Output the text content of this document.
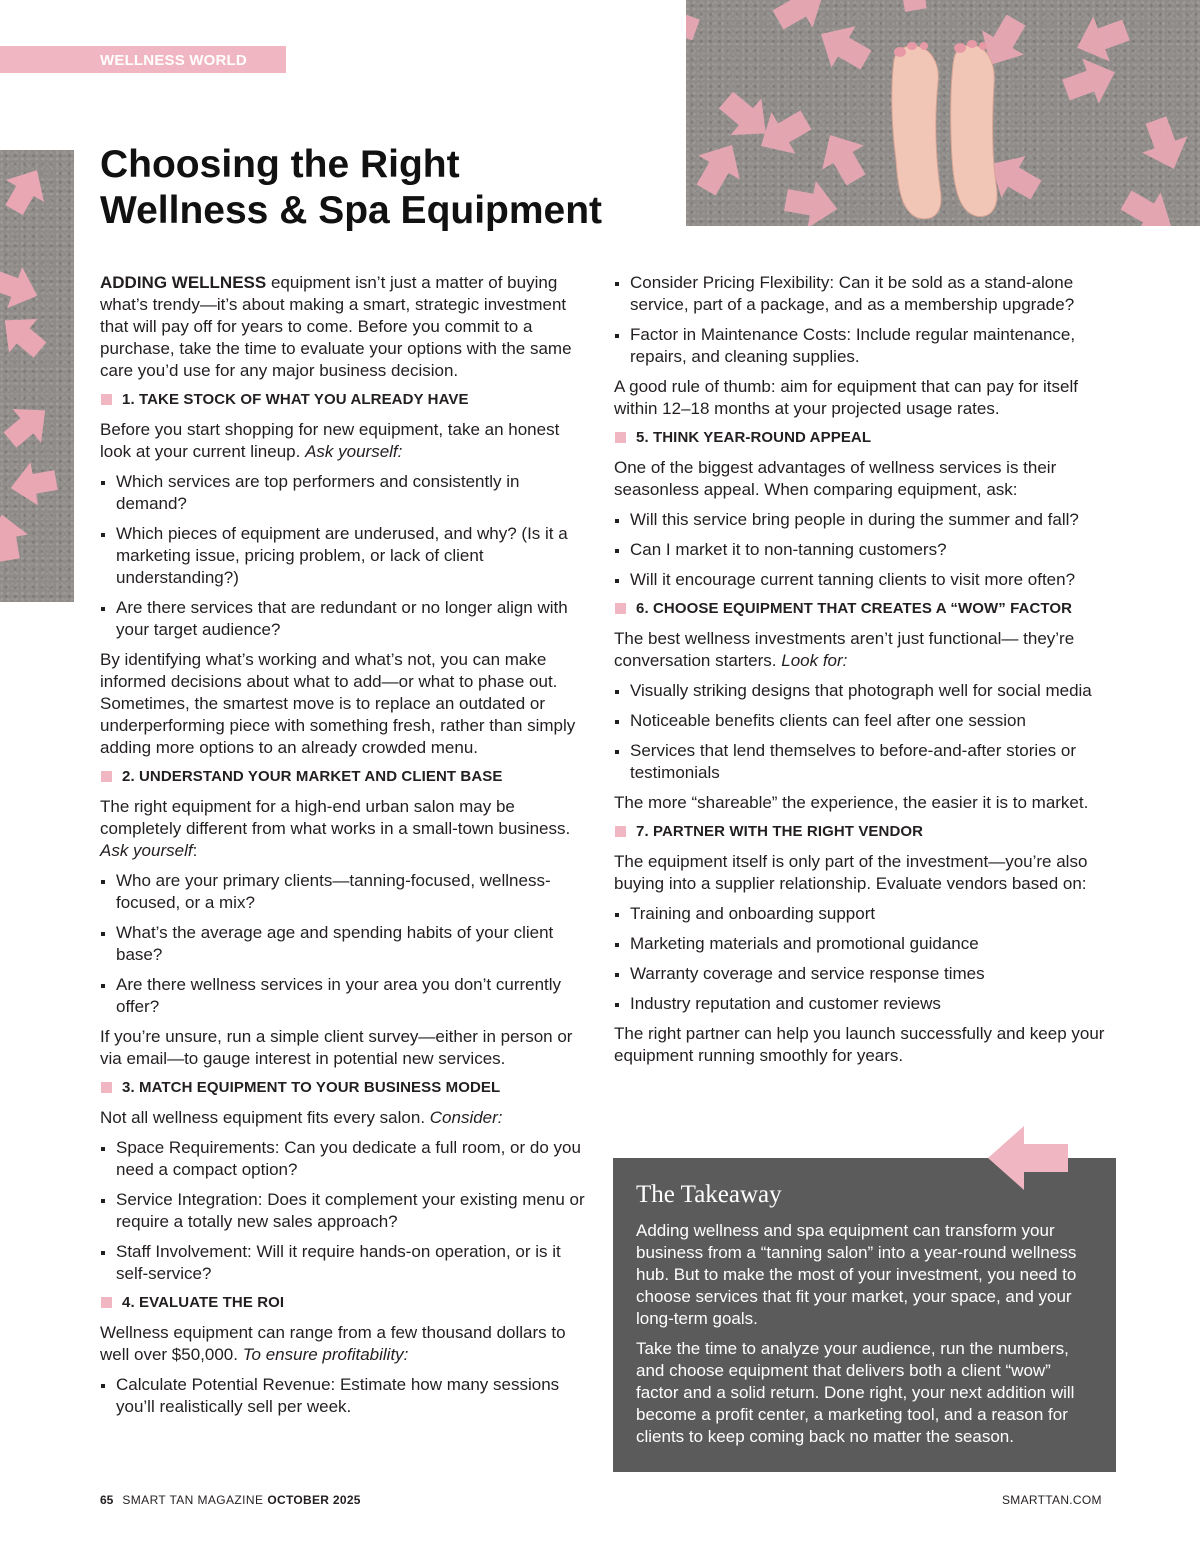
WELLNESS WORLD
Choosing the Right
Wellness & Spa Equipment

ADDING WELLNESS equipment isn’t just a matter of buying what’s trendy—it’s about making a smart, strategic investment that will pay off for years to come. Before you commit to a purchase, take the time to evaluate your options with the same care you’d use for any major business decision.

1. TAKE STOCK OF WHAT YOU ALREADY HAVE

Before you start shopping for new equipment, take an honest look at your current lineup. Ask yourself:

Which services are top performers and consistently in demand?
Which pieces of equipment are underused, and why? (Is it a marketing issue, pricing problem, or lack of client understanding?)
Are there services that are redundant or no longer align with your target audience?

By identifying what’s working and what’s not, you can make informed decisions about what to add—or what to phase out. Sometimes, the smartest move is to replace an outdated or underperforming piece with something fresh, rather than simply adding more options to an already crowded menu.

2. UNDERSTAND YOUR MARKET AND CLIENT BASE

The right equipment for a high-end urban salon may be completely different from what works in a small-town business. Ask yourself:

Who are your primary clients—tanning-focused, wellness-focused, or a mix?
What’s the average age and spending habits of your client base?
Are there wellness services in your area you don’t currently offer?

If you’re unsure, run a simple client survey—either in person or via email—to gauge interest in potential new services.

3. MATCH EQUIPMENT TO YOUR BUSINESS MODEL

Not all wellness equipment fits every salon. Consider:

Space Requirements: Can you dedicate a full room, or do you need a compact option?
Service Integration: Does it complement your existing menu or require a totally new sales approach?
Staff Involvement: Will it require hands-on operation, or is it self-service?
4. EVALUATE THE ROI

Wellness equipment can range from a few thousand dollars to well over $50,000. To ensure profitability:

Calculate Potential Revenue: Estimate how many sessions you’ll realistically sell per week.
Consider Pricing Flexibility: Can it be sold as a stand-alone service, part of a package, and as a membership upgrade?
Factor in Maintenance Costs: Include regular maintenance, repairs, and cleaning supplies.

A good rule of thumb: aim for equipment that can pay for itself within 12–18 months at your projected usage rates.

5. THINK YEAR-ROUND APPEAL

One of the biggest advantages of wellness services is their seasonless appeal. When comparing equipment, ask:

Will this service bring people in during the summer and fall?
Can I market it to non-tanning customers?
Will it encourage current tanning clients to visit more often?
6. CHOOSE EQUIPMENT THAT CREATES A “WOW” FACTOR

The best wellness investments aren’t just functional— they’re conversation starters. Look for:

Visually striking designs that photograph well for social media
Noticeable benefits clients can feel after one session
Services that lend themselves to before-and-after stories or testimonials

The more “shareable” the experience, the easier it is to market.

7. PARTNER WITH THE RIGHT VENDOR

The equipment itself is only part of the investment—you’re also buying into a supplier relationship. Evaluate vendors based on:

Training and onboarding support
Marketing materials and promotional guidance
Warranty coverage and service response times
Industry reputation and customer reviews

The right partner can help you launch successfully and keep your equipment running smoothly for years.

The Takeaway

Adding wellness and spa equipment can transform your business from a “tanning salon” into a year-round wellness hub. But to make the most of your investment, you need to choose services that fit your market, your space, and your long-term goals.

Take the time to analyze your audience, run the numbers, and choose equipment that delivers both a client “wow” factor and a solid return. Done right, your next addition will become a profit center, a marketing tool, and a reason for clients to keep coming back no matter the season.

65 SMART TAN MAGAZINE OCTOBER 2025	SMARTTAN.COM
